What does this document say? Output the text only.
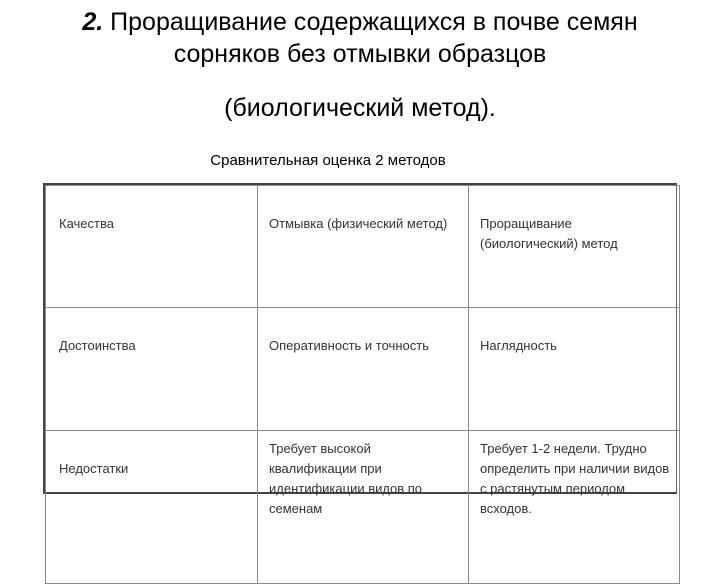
2. Проращивание содержащихся в почве семян
сорняков без отмывки образцов
(биологический метод).
Сравнительная оценка 2 методов
Качества	Отмывка (физический метод)	Проращивание (биологический) метод
Достоинства	Оперативность и точность	Наглядность
Недостатки	Требует высокой квалификации при идентификации видов по семенам	Требует 1-2 недели. Трудно определить при наличии видов с растянутым периодом всходов.
